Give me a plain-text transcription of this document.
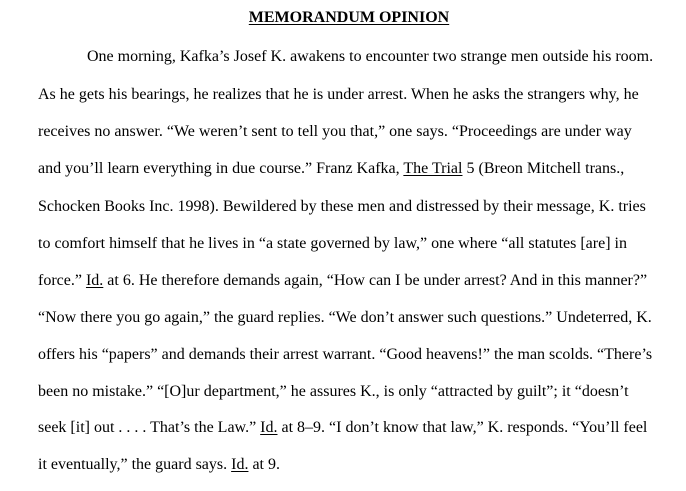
MEMORANDUM OPINION
One morning, Kafka’s Josef K. awakens to encounter two strange men outside his room.
As he gets his bearings, he realizes that he is under arrest. When he asks the strangers why, he
receives no answer. “We weren’t sent to tell you that,” one says. “Proceedings are under way
and you’ll learn everything in due course.” Franz Kafka, The Trial 5 (Breon Mitchell trans.,
Schocken Books Inc. 1998). Bewildered by these men and distressed by their message, K. tries
to comfort himself that he lives in “a state governed by law,” one where “all statutes [are] in
force.” Id. at 6. He therefore demands again, “How can I be under arrest? And in this manner?”
“Now there you go again,” the guard replies. “We don’t answer such questions.” Undeterred, K.
offers his “papers” and demands their arrest warrant. “Good heavens!” the man scolds. “There’s
been no mistake.” “[O]ur department,” he assures K., is only “attracted by guilt”; it “doesn’t
seek [it] out . . . . That’s the Law.” Id. at 8–9. “I don’t know that law,” K. responds. “You’ll feel
it eventually,” the guard says. Id. at 9.
